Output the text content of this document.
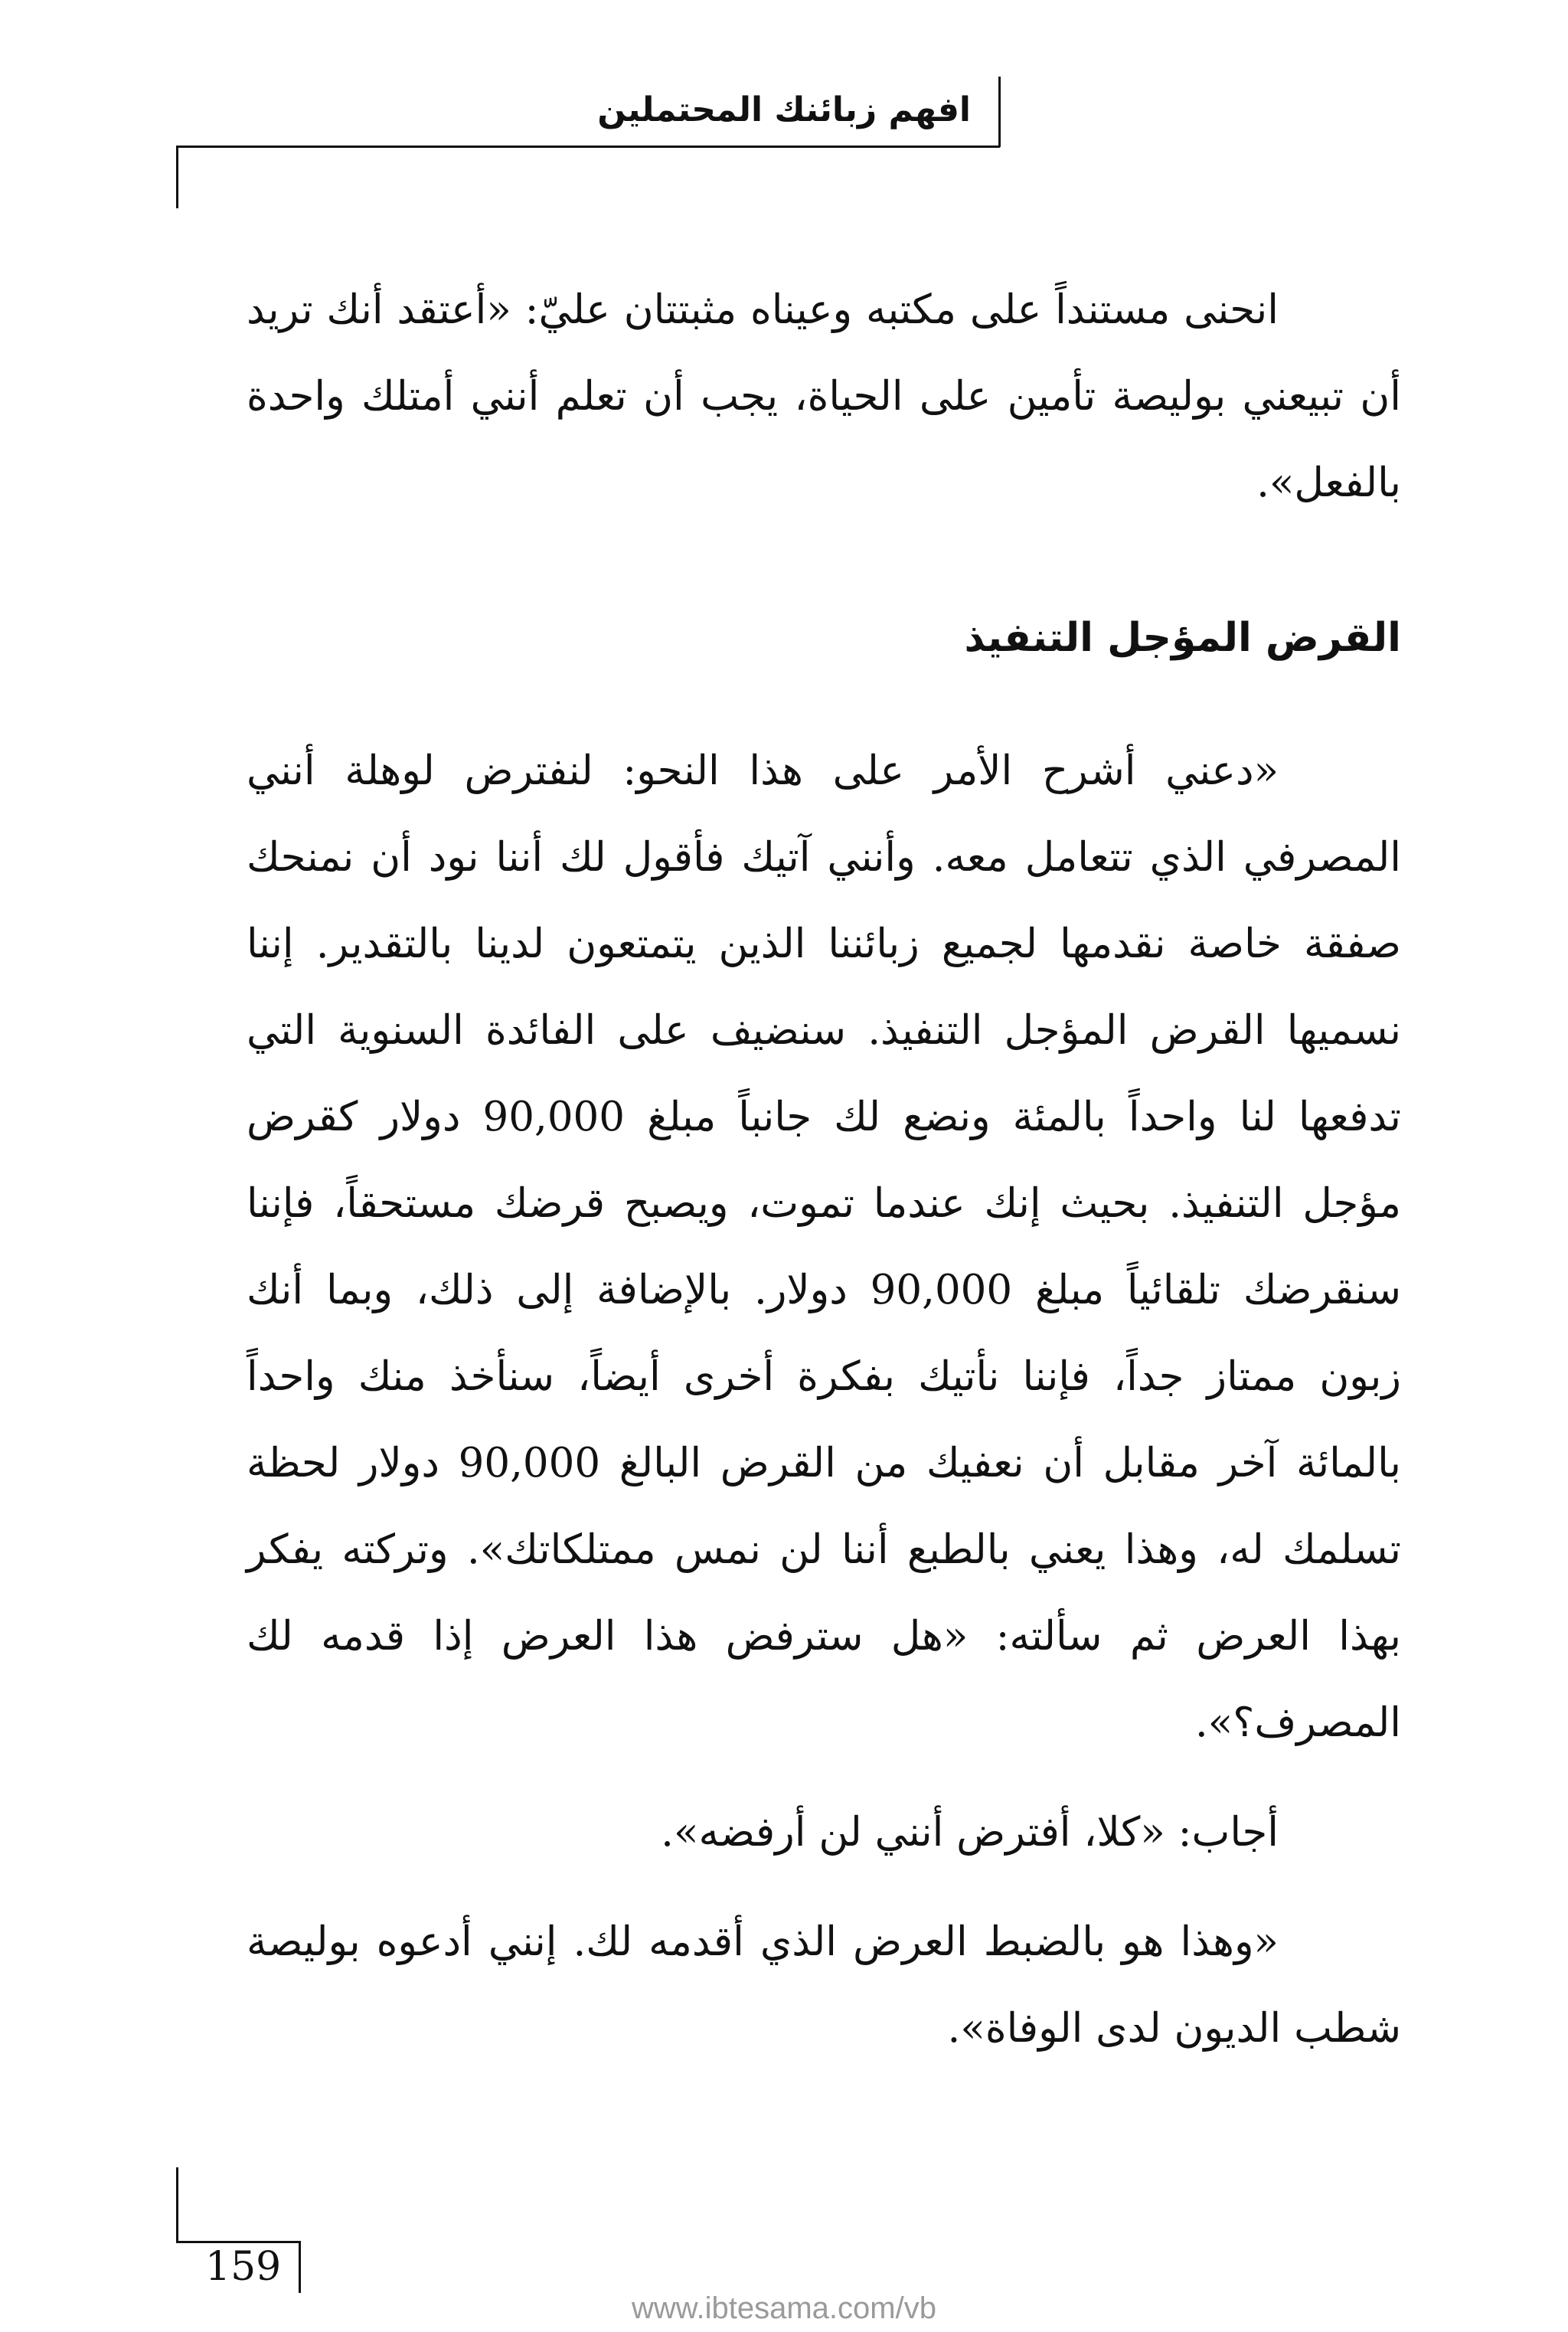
افهم زبائنك المحتملين

انحنى مستنداً على مكتبه وعيناه مثبتتان عليّ: «أعتقد أنك تريد أن تبيعني بوليصة تأمين على الحياة، يجب أن تعلم أنني أمتلك واحدة بالفعل».

القرض المؤجل التنفيذ

«دعني أشرح الأمر على هذا النحو: لنفترض لوهلة أنني المصرفي الذي تتعامل معه. وأنني آتيك فأقول لك أننا نود أن نمنحك صفقة خاصة نقدمها لجميع زبائننا الذين يتمتعون لدينا بالتقدير. إننا نسميها القرض المؤجل التنفيذ. سنضيف على الفائدة السنوية التي تدفعها لنا واحداً بالمئة ونضع لك جانباً مبلغ 90,000 دولار كقرض مؤجل التنفيذ. بحيث إنك عندما تموت، ويصبح قرضك مستحقاً، فإننا سنقرضك تلقائياً مبلغ 90,000 دولار. بالإضافة إلى ذلك، وبما أنك زبون ممتاز جداً، فإننا نأتيك بفكرة أخرى أيضاً، سنأخذ منك واحداً بالمائة آخر مقابل أن نعفيك من القرض البالغ 90,000 دولار لحظة تسلمك له، وهذا يعني بالطبع أننا لن نمس ممتلكاتك». وتركته يفكر بهذا العرض ثم سألته: «هل سترفض هذا العرض إذا قدمه لك المصرف؟».

أجاب: «كلا، أفترض أنني لن أرفضه».

«وهذا هو بالضبط العرض الذي أقدمه لك. إنني أدعوه بوليصة شطب الديون لدى الوفاة».

159
www.ibtesama.com/vb
